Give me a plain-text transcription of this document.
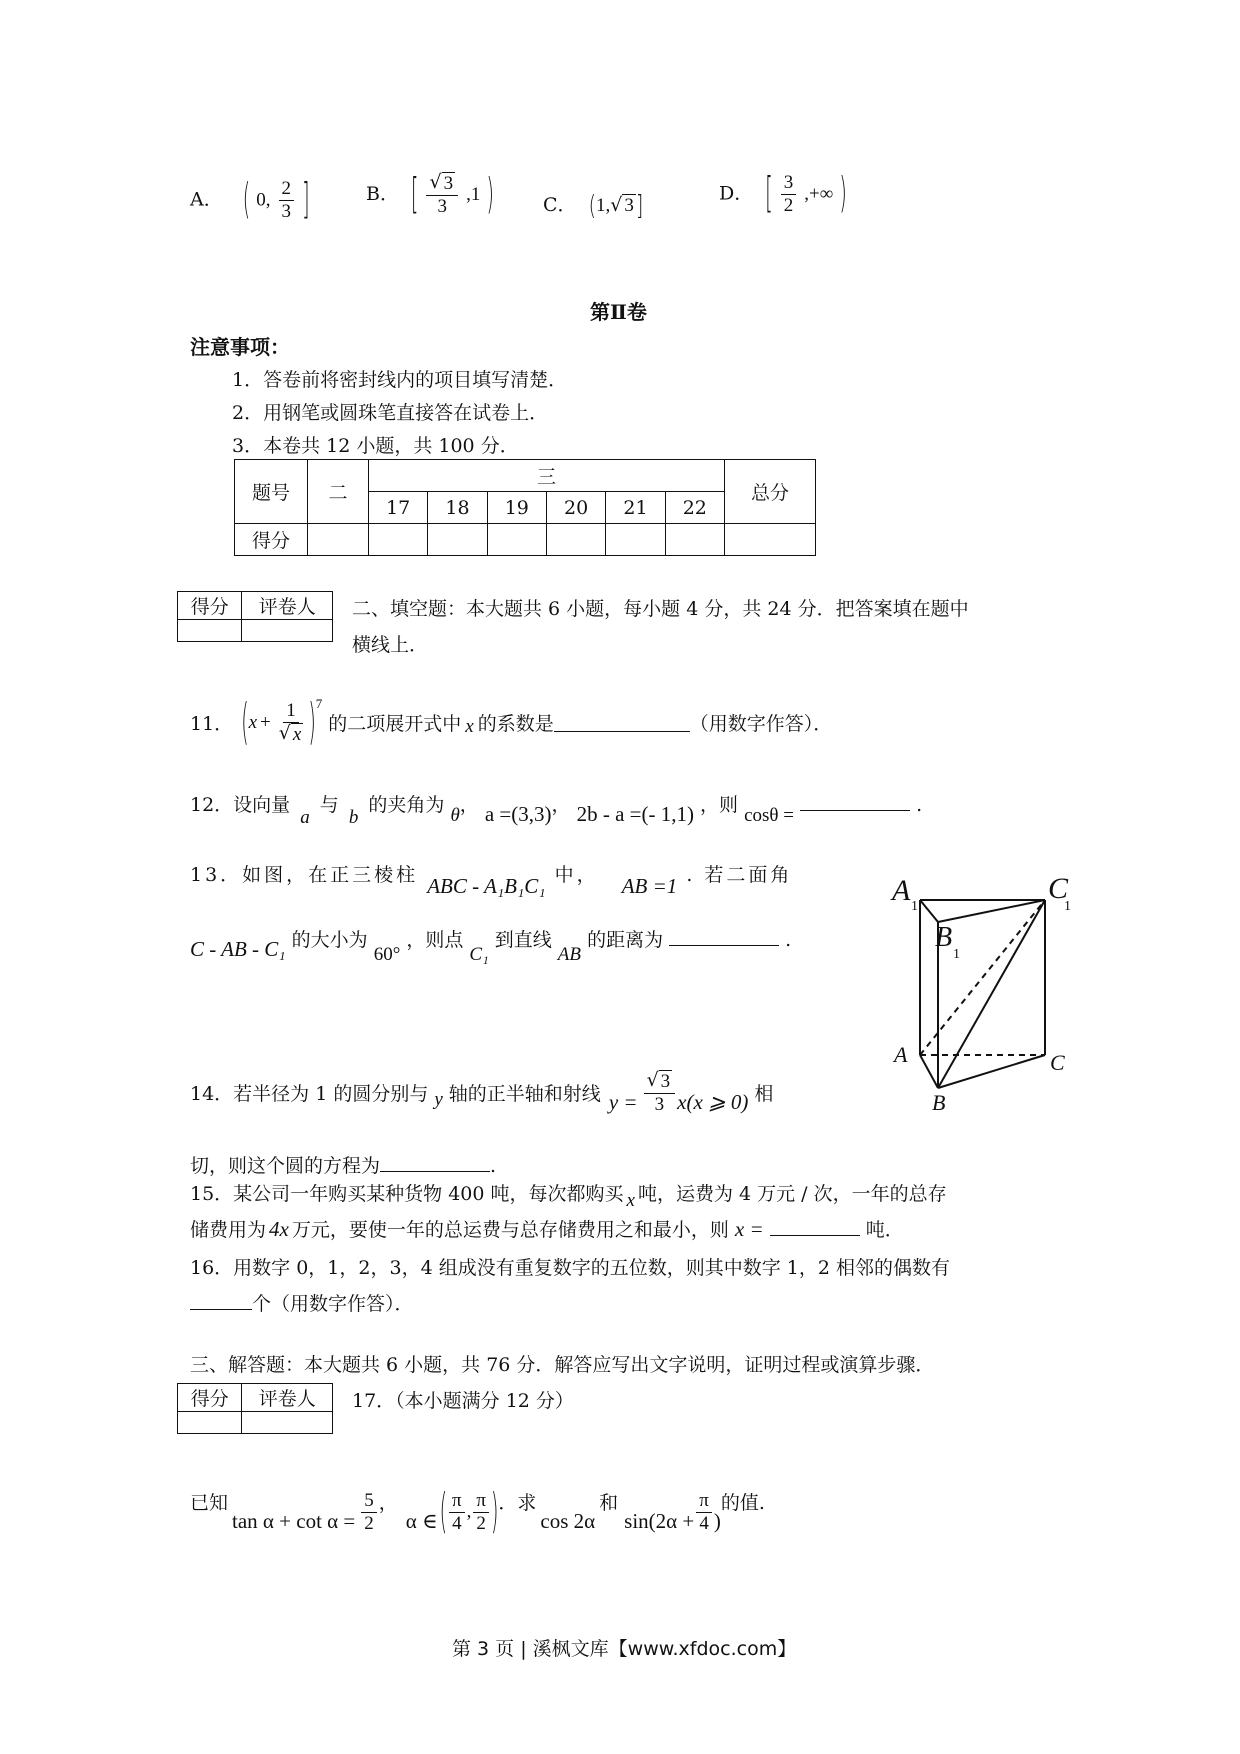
A． ( 0, $\frac{2}{3}$ ]	B． [ $\frac{√ 3}{3} ,1$ )	C． (1, √ 3 ]	D． [ $\frac{3}{2}$ ,+∞ )
第Ⅱ卷
注意事项：
1．答卷前将密封线内的项目填写清楚．
2．用钢笔或圆珠笔直接答在试卷上．
3．本卷共 12 小题，共 100 分．
题号	二	三						总分
		17	18	19	20	21	22	
得分								
得分	评卷人
	二、填空题：本大题共 6 小题，每小题 4 分，共 24 分．把答案填在题中
横线上．
11． ( $x + \frac{1}{√ x} )^7$
的二项展开式中 x 的系数是	（用数字作答）．
12．设向量 a 与 b 的夹角为 θ， a =(3,3)， 2b - a =(- 1,1) ，则 cosθ =	.
13．如图，在正三棱柱 ABC - A₁B₁C₁ 中， AB =1 . 若二面角
C - AB - C₁ 的大小为 60° ，则点 C₁ 到直线 AB 的距离为	.
A 1
C
1
B
1
A
B
C
14．若半径为 1 的圆分别与 y 轴的正半轴和射线 $y = \frac{√ 3}{3} x(x$ ⩾ 0) 相
切，则这个圆的方程为	.
15．某公司一年购买某种货物 400 吨，每次都购买 x 吨，运费为 4 万元 / 次，一年的总存
储费用为 4x 万元，要使一年的总运费与总存储费用之和最小，则 x =	吨．
16．用数字 0，1，2，3，4 组成没有重复数字的五位数，则其中数字 1，2 相邻的偶数有
个（用数字作答）．
三、解答题：本大题共 6 小题，共 76 分．解答应写出文字说明，证明过程或演算步骤．
得分	评卷人
	17．（本小题满分 12 分）
已知
$\tan \alpha + \cot \alpha = \frac{5}{2}$ ，
α ∈ ( $\frac{\pi}{4}$ , $\frac{\pi}{2}$ ) ．求
cos 2α
和
$\sin(2\alpha + \frac{\pi}{4}$ )
的值.
第 3 页 | 溪枫文库【www.xfdoc.com】
